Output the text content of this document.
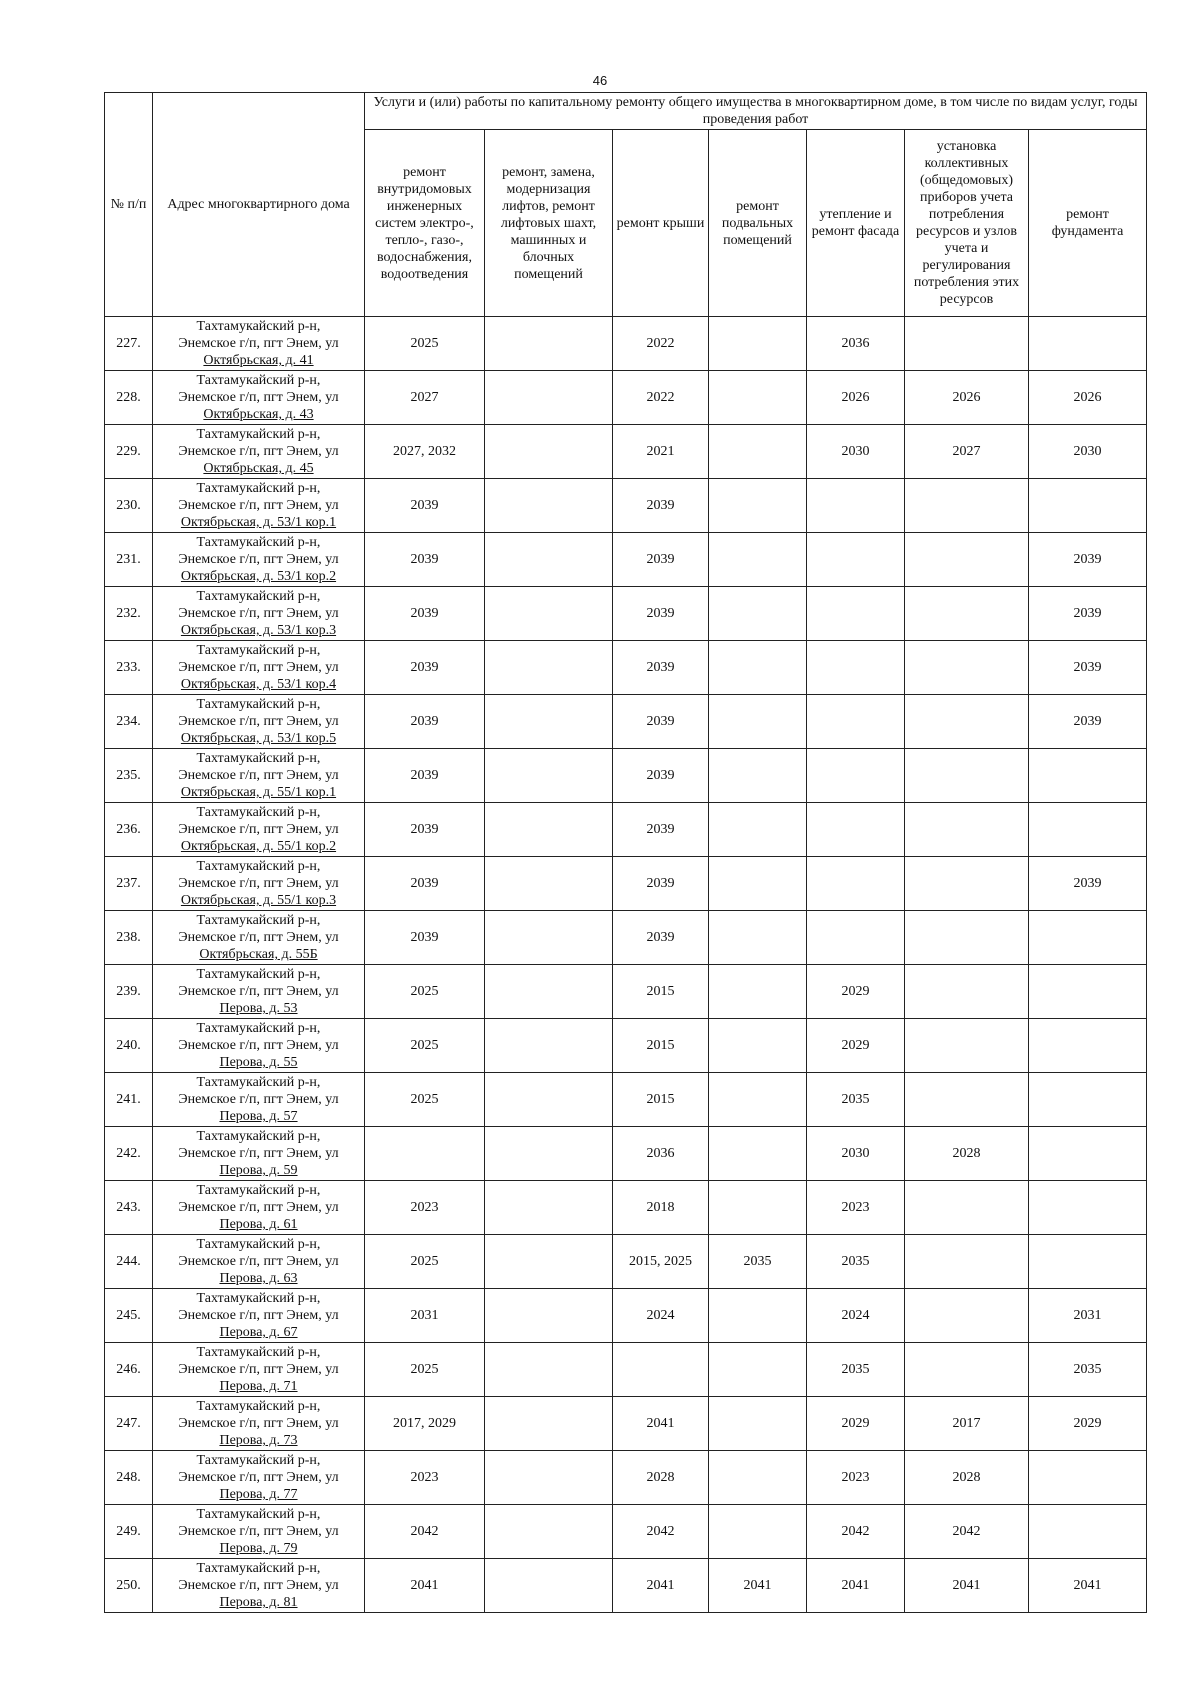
46
№ п/п	Адрес многоквартирного дома	Услуги и (или) работы по капитальному ремонту общего имущества в многоквартирном доме, в том числе по видам услуг, годы проведения работ						
		ремонт внутридомовых инженерных систем электро-, тепло-, газо-, водоснабжения, водоотведения	ремонт, замена, модернизация лифтов, ремонт лифтовых шахт, машинных и блочных помещений	ремонт крыши	ремонт подвальных помещений	утепление и ремонт фасада	установка коллективных (общедомовых) приборов учета потребления ресурсов и узлов учета и регулирования потребления этих ресурсов	ремонт фундамента
227.	Тахтамукайский р-н,
Энемское г/п, пгт Энем, ул
Октябрьская, д. 41	2025		2022		2036		
228.	Тахтамукайский р-н,
Энемское г/п, пгт Энем, ул
Октябрьская, д. 43	2027		2022		2026	2026	2026
229.	Тахтамукайский р-н,
Энемское г/п, пгт Энем, ул
Октябрьская, д. 45	2027, 2032		2021		2030	2027	2030
230.	Тахтамукайский р-н,
Энемское г/п, пгт Энем, ул
Октябрьская, д. 53/1 кор.1	2039		2039				
231.	Тахтамукайский р-н,
Энемское г/п, пгт Энем, ул
Октябрьская, д. 53/1 кор.2	2039		2039				2039
232.	Тахтамукайский р-н,
Энемское г/п, пгт Энем, ул
Октябрьская, д. 53/1 кор.3	2039		2039				2039
233.	Тахтамукайский р-н,
Энемское г/п, пгт Энем, ул
Октябрьская, д. 53/1 кор.4	2039		2039				2039
234.	Тахтамукайский р-н,
Энемское г/п, пгт Энем, ул
Октябрьская, д. 53/1 кор.5	2039		2039				2039
235.	Тахтамукайский р-н,
Энемское г/п, пгт Энем, ул
Октябрьская, д. 55/1 кор.1	2039		2039				
236.	Тахтамукайский р-н,
Энемское г/п, пгт Энем, ул
Октябрьская, д. 55/1 кор.2	2039		2039				
237.	Тахтамукайский р-н,
Энемское г/п, пгт Энем, ул
Октябрьская, д. 55/1 кор.3	2039		2039				2039
238.	Тахтамукайский р-н,
Энемское г/п, пгт Энем, ул
Октябрьская, д. 55Б	2039		2039				
239.	Тахтамукайский р-н,
Энемское г/п, пгт Энем, ул
Перова, д. 53	2025		2015		2029		
240.	Тахтамукайский р-н,
Энемское г/п, пгт Энем, ул
Перова, д. 55	2025		2015		2029		
241.	Тахтамукайский р-н,
Энемское г/п, пгт Энем, ул
Перова, д. 57	2025		2015		2035		
242.	Тахтамукайский р-н,
Энемское г/п, пгт Энем, ул
Перова, д. 59			2036		2030	2028	
243.	Тахтамукайский р-н,
Энемское г/п, пгт Энем, ул
Перова, д. 61	2023		2018		2023		
244.	Тахтамукайский р-н,
Энемское г/п, пгт Энем, ул
Перова, д. 63	2025		2015, 2025	2035	2035		
245.	Тахтамукайский р-н,
Энемское г/п, пгт Энем, ул
Перова, д. 67	2031		2024		2024		2031
246.	Тахтамукайский р-н,
Энемское г/п, пгт Энем, ул
Перова, д. 71	2025				2035		2035
247.	Тахтамукайский р-н,
Энемское г/п, пгт Энем, ул
Перова, д. 73	2017, 2029		2041		2029	2017	2029
248.	Тахтамукайский р-н,
Энемское г/п, пгт Энем, ул
Перова, д. 77	2023		2028		2023	2028	
249.	Тахтамукайский р-н,
Энемское г/п, пгт Энем, ул
Перова, д. 79	2042		2042		2042	2042	
250.	Тахтамукайский р-н,
Энемское г/п, пгт Энем, ул
Перова, д. 81	2041		2041	2041	2041	2041	2041
